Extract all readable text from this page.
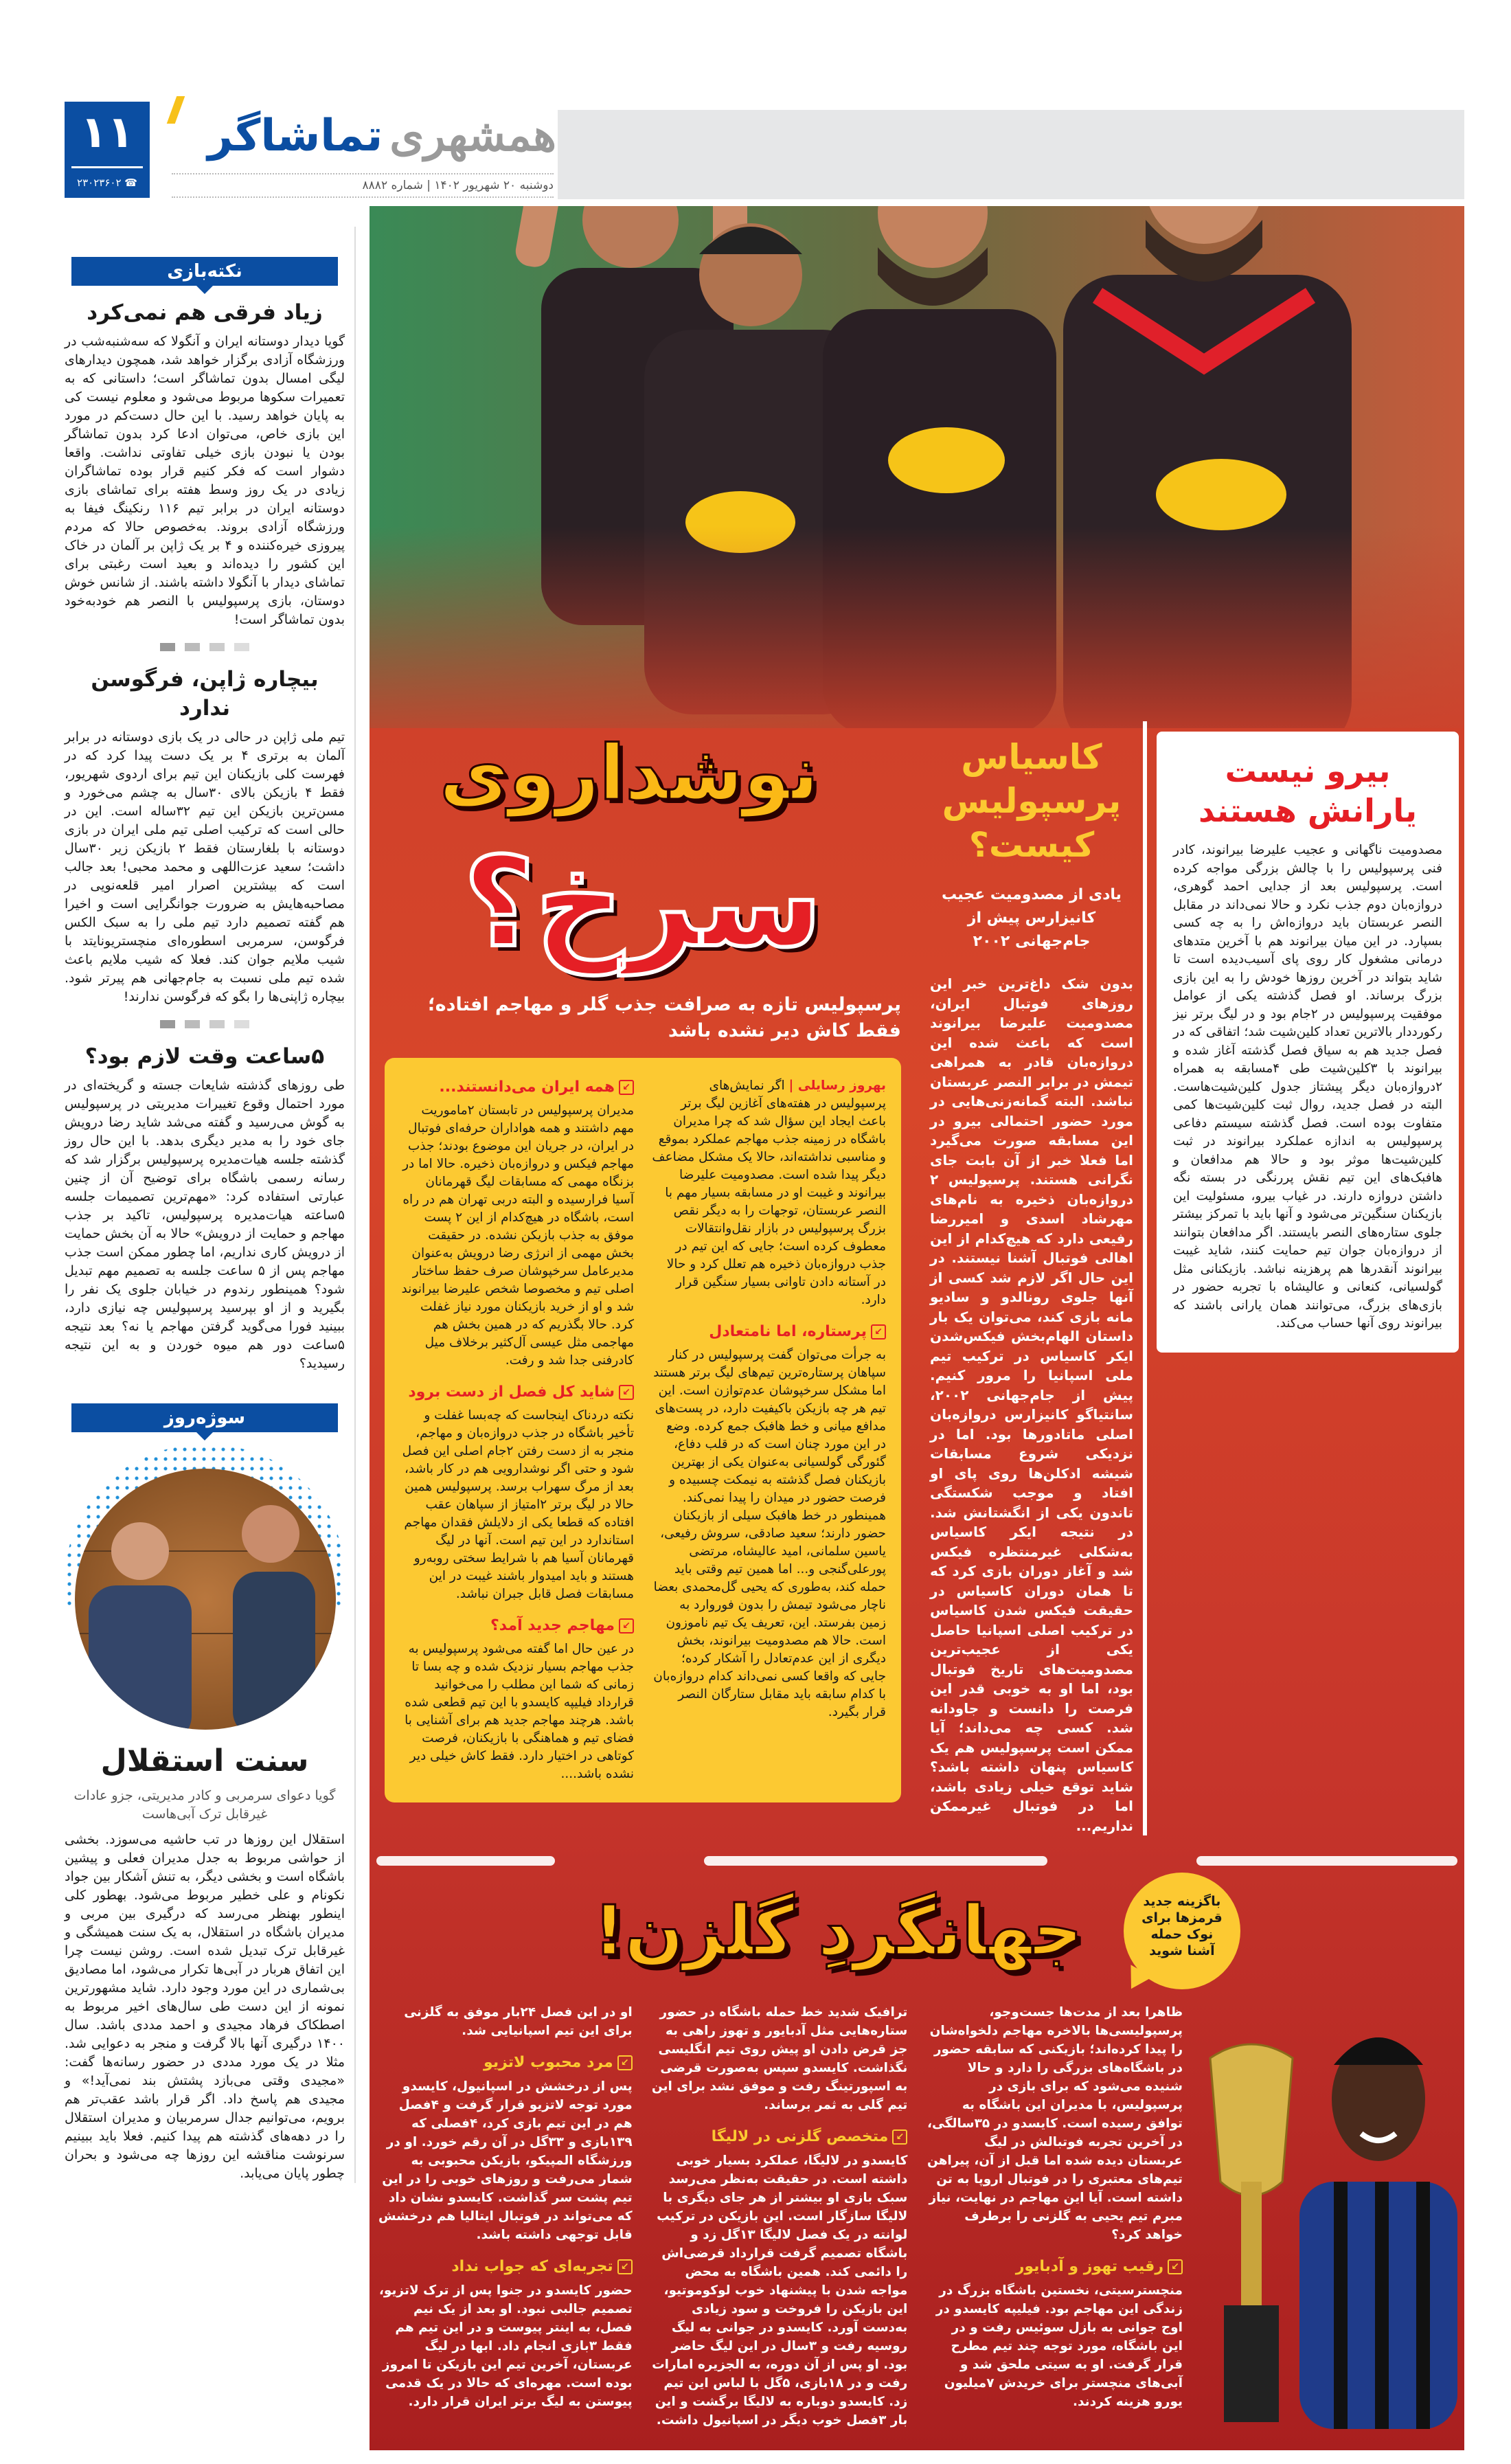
۱۱
☎ ۲۳۰۲۳۶۰۲
همشهری
تماشاگر
دوشنبه ۲۰ شهریور ۱۴۰۲ | شماره ۸۸۸۲
نکته‌بازی
زیاد فرقی هم نمی‌کرد

گویا دیدار دوستانه ایران و آنگولا که سه‌شنبه‌شب در ورزشگاه آزادی برگزار خواهد شد، همچون دیدارهای لیگی امسال بدون تماشاگر است؛ داستانی که به تعمیرات سکوها مربوط می‌شود و معلوم نیست کی به پایان خواهد رسید. با این حال دست‌کم در مورد این بازی خاص، می‌توان ادعا کرد بدون تماشاگر بودن یا نبودن بازی خیلی تفاوتی نداشت. واقعا دشوار است که فکر کنیم قرار بوده تماشاگران زیادی در یک روز وسط هفته برای تماشای بازی دوستانه ایران در برابر تیم ۱۱۶ رنکینگ فیفا به ورزشگاه آزادی بروند. به‌خصوص حالا که مردم پیروزی خیره‌کننده و ۴ بر یک ژاپن بر آلمان در خاک این کشور را دیده‌اند و بعید است رغبتی برای تماشای دیدار با آنگولا داشته باشند. از شانس خوش دوستان، بازی پرسپولیس با النصر هم خودبه‌خود بدون تماشاگر است!

بیچاره ژاپن، فرگوسن ندارد

تیم ملی ژاپن در حالی در یک بازی دوستانه در برابر آلمان به برتری ۴ بر یک دست پیدا کرد که در فهرست کلی بازیکنان این تیم برای اردوی شهریور، فقط ۴ بازیکن بالای ۳۰سال به چشم می‌خورد و مسن‌ترین بازیکن این تیم ۳۲ساله است. این در حالی است که ترکیب اصلی تیم ملی ایران در بازی دوستانه با بلغارستان فقط ۲ بازیکن زیر ۳۰سال داشت؛ سعید عزت‌اللهی و محمد محبی! بعد جالب است که بیشترین اصرار امیر قلعه‌نویی در مصاحبه‌هایش به ضرورت جوانگرایی است و اخیرا هم گفته تصمیم دارد تیم ملی را به سبک الکس فرگوسن، سرمربی اسطوره‌ای منچستریونایتد با شیب ملایم جوان کند. فعلا که شیب ملایم باعث شده تیم ملی نسبت به جام‌جهانی هم پیرتر شود. بیچاره ژاپنی‌ها را بگو که فرگوسن ندارند!

۵ساعت وقت لازم بود؟

طی روزهای گذشته شایعات جسته و گریخته‌ای در مورد احتمال وقوع تغییرات مدیریتی در پرسپولیس به گوش می‌رسید و گفته می‌شد شاید رضا درویش جای خود را به مدیر دیگری بدهد. با این حال روز گذشته جلسه هیات‌مدیره پرسپولیس برگزار شد که رسانه رسمی باشگاه برای توضیح آن از چنین عبارتی استفاده کرد: «مهم‌ترین تصمیمات جلسه ۵ساعته هیات‌مدیره پرسپولیس، تاکید بر جذب مهاجم و حمایت از درویش» حالا به آن بخش حمایت از درویش کاری نداریم، اما چطور ممکن است جذب مهاجم پس از ۵ ساعت جلسه به تصمیم مهم تبدیل شود؟ همینطور رندوم در خیابان جلوی یک نفر را بگیرید و از او بپرسید پرسپولیس چه نیازی دارد، ببینید فورا می‌گوید گرفتن مهاجم یا نه؟ بعد نتیجه ۵ساعت دور هم میوه خوردن و به این نتیجه رسیدید؟

سوژه‌روز
سنت استقلال

گویا دعوای سرمربی و کادر مدیریتی، جزو عادات غیرقابل ترک آبی‌هاست

استقلال این روزها در تب حاشیه می‌سوزد. بخشی از حواشی مربوط به جدل مدیران فعلی و پیشین باشگاه است و بخشی دیگر، به تنش آشکار بین جواد نکونام و علی خطیر مربوط می‌شود. بهطور کلی اینطور بهنظر می‌رسد که درگیری بین مربی و مدیران باشگاه در استقلال، به یک سنت همیشگی و غیرقابل ترک تبدیل شده است. روشن نیست چرا این اتفاق هربار در آبی‌ها تکرار می‌شود، اما مصادیق بی‌شماری در این مورد وجود دارد. شاید مشهورترین نمونه از این دست طی سال‌های اخیر مربوط به اصطکاک فرهاد مجیدی و احمد مددی باشد. سال ۱۴۰۰ درگیری آنها بالا گرفت و منجر به دعوایی شد. مثلا در یک مورد مددی در حضور رسانه‌ها گفت: «مجیدی وقتی می‌بازد پشتش بند نمی‌آید!» و مجیدی هم پاسخ داد. اگر قرار باشد عقب‌تر هم برویم، می‌توانیم جدال سرمربیان و مدیران استقلال را در دهه‌های گذشته هم پیدا کنیم. فعلا باید ببینیم سرنوشت مناقشه این روزها چه می‌شود و بحران چطور پایان می‌یابد.

بیرو نیست یارانش هستند

مصدومیت ناگهانی و عجیب علیرضا بیرانوند، کادر فنی پرسپولیس را با چالش بزرگی مواجه کرده است. پرسپولیس بعد از جدایی احمد گوهری، دروازه‌بان دوم جذب نکرد و حالا نمی‌داند در مقابل النصر عربستان باید دروازه‌اش را به چه کسی بسپارد. در این میان بیرانوند هم با آخرین متدهای درمانی مشغول کار روی پای آسیب‌دیده است تا شاید بتواند در آخرین روزها خودش را به این بازی بزرگ برساند. او فصل گذشته یکی از عوامل موفقیت پرسپولیس در ۲جام بود و در لیگ برتر نیز رکورددار بالاترین تعداد کلین‌شیت شد؛ اتفاقی که در فصل جدید هم به سیاق فصل گذشته آغاز شده و بیرانوند با ۳کلین‌شیت طی ۴مسابقه به همراه ۲دروازه‌بان دیگر پیشتاز جدول کلین‌شیت‌هاست. البته در فصل جدید، روال ثبت کلین‌شیت‌ها کمی متفاوت بوده است. فصل گذشته سیستم دفاعی پرسپولیس به اندازه عملکرد بیرانوند در ثبت کلین‌شیت‌ها موثر بود و حالا هم مدافعان و هافبک‌های این تیم نقش پررنگی در بسته نگه داشتن دروازه دارند. در غیاب بیرو، مسئولیت این بازیکنان سنگین‌تر می‌شود و آنها باید با تمرکز بیشتر جلوی ستاره‌های النصر بایستند. اگر مدافعان بتوانند از دروازه‌بان جوان تیم حمایت کنند، شاید غیبت بیرانوند آنقدرها هم پرهزینه نباشد. بازیکنانی مثل گولسیانی، کنعانی و عالیشاه با تجربه حضور در بازی‌های بزرگ، می‌توانند همان یارانی باشند که بیرانوند روی آنها حساب می‌کند.

کاسیاس پرسپولیس کیست؟
یادی از مصدومیت عجیب کانیزارس پیش از جام‌جهانی ۲۰۰۲

بدون شک داغ‌ترین خبر این روزهای فوتبال ایران، مصدومیت علیرضا بیرانوند است که باعث شده این دروازه‌بان قادر به همراهی تیمش در برابر النصر عربستان نباشد. البته گمانه‌زنی‌هایی در مورد حضور احتمالی بیرو در این مسابقه صورت می‌گیرد اما فعلا خبر از آن بابت جای نگرانی هستند. پرسپولیس ۲ دروازه‌بان ذخیره به نام‌های مهرشاد اسدی و امیررضا رفیعی دارد که هیچ‌کدام از این اهالی فوتبال آشنا نیستند. در این حال اگر لازم شد کسی از آنها جلوی رونالدو و سادیو مانه بازی کند، می‌توان یک بار داستان الهام‌بخش فیکس‌شدن ایکر کاسیاس در ترکیب تیم ملی اسپانیا را مرور کنیم. پیش از جام‌جهانی ۲۰۰۲، سانتیاگو کانیزارس دروازه‌بان اصلی ماتادورها بود. اما در نزدیکی شروع مسابقات شیشه ادکلن‌ها روی پای او افتاد و موجب شکستگی تاندون یکی از انگشتانش شد. در نتیجه ایکر کاسیاس به‌شکلی غیرمنتظره فیکس شد و آغاز دوران بازی کرد که تا همان دوران کاسیاس در حقیقت فیکس شدن کاسیاس در ترکیب اصلی اسپانیا حاصل یکی از عجیب‌ترین مصدومیت‌های تاریخ فوتبال بود، اما او به خوبی قدر این فرصت را دانست و جاودانه شد. کسی چه می‌داند؛ آیا ممکن است پرسپولیس هم یک کاسیاس پنهان داشته باشد؟ شاید توقع خیلی زیادی باشد، اما در فوتبال غیرممکن نداریم...

نوشداروی
سرخ؟
پرسپولیس تازه به صرافت جذب گلر و مهاجم افتاده؛ فقط کاش دیر نشده باشد

بهروز رسایلی | اگر نمایش‌های پرسپولیس در هفته‌های آغازین لیگ برتر باعث ایجاد این سؤال شد که چرا مدیران باشگاه در زمینه جذب مهاجم عملکرد بموقع و مناسبی نداشته‌اند، حالا یک مشکل مضاعف دیگر پیدا شده است. مصدومیت علیرضا بیرانوند و غیبت او در مسابقه بسیار مهم با النصر عربستان، توجهات را به دیگر نقص بزرگ پرسپولیس در بازار نقل‌وانتقالات معطوف کرده است؛ جایی که این تیم در جذب دروازه‌بان ذخیره هم تعلل کرد و حالا در آستانه دادن تاوانی بسیار سنگین قرار دارد.

↙پرستاره، اما نامتعادل

به جرأت می‌توان گفت پرسپولیس در کنار سپاهان پرستاره‌ترین تیم‌های لیگ برتر هستند اما مشکل سرخپوشان عدم‌توازن است. این تیم هر چه بازیکن باکیفیت دارد، در پست‌های مدافع میانی و خط هافبک جمع کرده. وضع در این مورد چنان است که در قلب دفاع، گئورگی گولسیانی به‌عنوان یکی از بهترین بازیکنان فصل گذشته به نیمکت چسبیده و فرصت حضور در میدان را پیدا نمی‌کند. همینطور در خط هافبک سیلی از بازیکنان حضور دارند؛ سعید صادقی، سروش رفیعی، یاسین سلمانی، امید عالیشاه، مرتضی پورعلی‌گنجی و... اما همین تیم وقتی باید حمله کند، به‌طوری که یحیی گل‌محمدی بعضا ناچار می‌شود تیمش را بدون فوروارد به زمین بفرستد. این، تعریف یک تیم ناموزون است. حالا هم مصدومیت بیرانوند، بخش دیگری از این عدم‌تعادل را آشکار کرده؛ جایی که واقعا کسی نمی‌داند کدام دروازه‌بان با کدام سابقه باید مقابل ستارگان النصر قرار بگیرد.

↙همه ایران می‌دانستند...

مدیران پرسپولیس در تابستان ۲ماموریت مهم داشتند و همه هواداران حرفه‌ای فوتبال در ایران، در جریان این موضوع بودند؛ جذب مهاجم فیکس و دروازه‌بان ذخیره. حالا اما در بزنگاه مهمی که مسابقات لیگ قهرمانان آسیا فرارسیده و البته دربی تهران هم در راه است، باشگاه در هیچ‌کدام از این ۲ پست موفق به جذب بازیکن نشده. در حقیقت بخش مهمی از انرژی رضا درویش به‌عنوان مدیرعامل سرخپوشان صرف حفظ ساختار اصلی تیم و مخصوصا شخص علیرضا بیرانوند شد و او از خرید بازیکنان مورد نیاز غفلت کرد. حالا بگذریم که در همین بخش هم مهاجمی مثل عیسی آل‌کثیر برخلاف میل کادرفنی جدا شد و رفت.

↙شاید کل فصل از دست برود

نکته دردناک اینجاست که چه‌بسا غفلت و تأخیر باشگاه در جذب دروازه‌بان و مهاجم، منجر به از دست رفتن ۲جام اصلی این فصل شود و حتی اگر نوشدارویی هم در کار باشد، بعد از مرگ سهراب برسد. پرسپولیس همین حالا در لیگ برتر ۲امتیاز از سپاهان عقب افتاده که قطعا یکی از دلایلش فقدان مهاجم استاندارد در این تیم است. آنها در لیگ قهرمانان آسیا هم با شرایط سختی روبه‌رو هستند و باید امیدوار باشند غیبت در این مسابقات فصل قابل جبران نباشد.

↙مهاجم جدید آمد؟

در عین حال اما گفته می‌شود پرسپولیس به جذب مهاجم بسیار نزدیک شده و چه بسا تا زمانی که شما این مطلب را می‌خوانید قرارداد فیلیپه کایسدو با این تیم قطعی شده باشد. هرچند مهاجم جدید هم برای آشنایی با فضای تیم و هماهنگی با بازیکنان، فرصت کوتاهی در اختیار دارد. فقط کاش خیلی دیر نشده باشد....

باگزینه جدید قرمزها برای نوک حمله آشنا شوید
جهانگردِ گلزن!

ظاهرا بعد از مدت‌ها جست‌وجو، پرسپولیسی‌ها بالاخره مهاجم دلخواه‌شان را پیدا کرده‌اند؛ بازیکنی که سابقه حضور در باشگاه‌های بزرگی را دارد و حالا شنیده می‌شود که برای بازی در پرسپولیس، با مدیران این باشگاه به توافق رسیده است. کایسدو در ۳۵سالگی، در آخرین تجربه فوتبالش در لیگ عربستان دیده شده اما قبل از آن، پیراهن تیم‌های معتبری را در فوتبال اروپا به تن داشته است. آیا این مهاجم در نهایت، نیاز مبرم تیم یحیی به گلزنی را برطرف خواهد کرد؟

↙رقیب تهوز و آدبایور

منچسترسیتی، نخستین باشگاه بزرگ در زندگی این مهاجم بود. فیلیپه کایسدو در اوج جوانی به بازل سوئیس رفت و در این باشگاه، مورد توجه چند تیم مطرح قرار گرفت. او به سیتی ملحق شد و آبی‌های منچستر برای خریدش ۷میلیون یورو هزینه کردند.

ترافیک شدید خط حمله باشگاه در حضور ستاره‌هایی مثل آدبایور و تهوز راهی به جز قرض دادن او پیش روی تیم انگلیسی نگذاشت. کایسدو سپس به‌صورت قرضی به اسپورتینگ رفت و موفق نشد برای این تیم گلی به ثمر برساند.

↙متخصص گلزنی در لالیگا

کایسدو در لالیگا، عملکرد بسیار خوبی داشته است. در حقیقت به‌نظر می‌رسد سبک بازی او بیشتر از هر جای دیگری با لالیگا سازگار است. این بازیکن در ترکیب لوانته در یک فصل لالیگا ۱۳گل زد و باشگاه تصمیم گرفت قرارداد قرضی‌اش را دائمی کند. همین باشگاه به محض مواجه شدن با پیشنهاد خوب لوکوموتیو، این بازیکن را فروخت و سود زیادی به‌دست آورد. کایسدو در جوانی به لیگ روسیه رفت و ۳سال در این لیگ حاضر بود. او پس از آن دوره، به الجزیره امارات رفت و در ۱۸بازی، ۵گل با لباس این تیم زد. کایسدو دوباره به لالیگا برگشت و این بار ۳فصل خوب دیگر در اسپانیول داشت. او در این فصل ۲۴بار موفق به گلزنی برای این تیم اسپانیایی شد.

↙مرد محبوب لاتزیو

پس از درخشش در اسپانیول، کایسدو مورد توجه لاتزیو قرار گرفت و ۴فصل هم در این تیم بازی کرد، ۴فصلی که ۱۳۹بازی و ۳۳گل در آن رقم خورد. او در ورزشگاه المپیکو، بازیکن محبوبی به شمار می‌رفت و روزهای خوبی را در این تیم پشت سر گذاشت. کایسدو نشان داد که می‌تواند در فوتبال ایتالیا هم درخشش قابل توجهی داشته باشد.

↙تجربه‌ای که جواب نداد

حضور کایسدو در جنوا پس از ترک لاتزیو، تصمیم جالبی نبود. او بعد از یک نیم فصل، به اینتر پیوست و در این تیم هم فقط ۳بازی انجام داد. ابها در لیگ عربستان، آخرین تیم این بازیکن تا امروز بوده است. مهره‌ای که حالا در یک قدمی پیوستن به لیگ برتر ایران قرار دارد.
